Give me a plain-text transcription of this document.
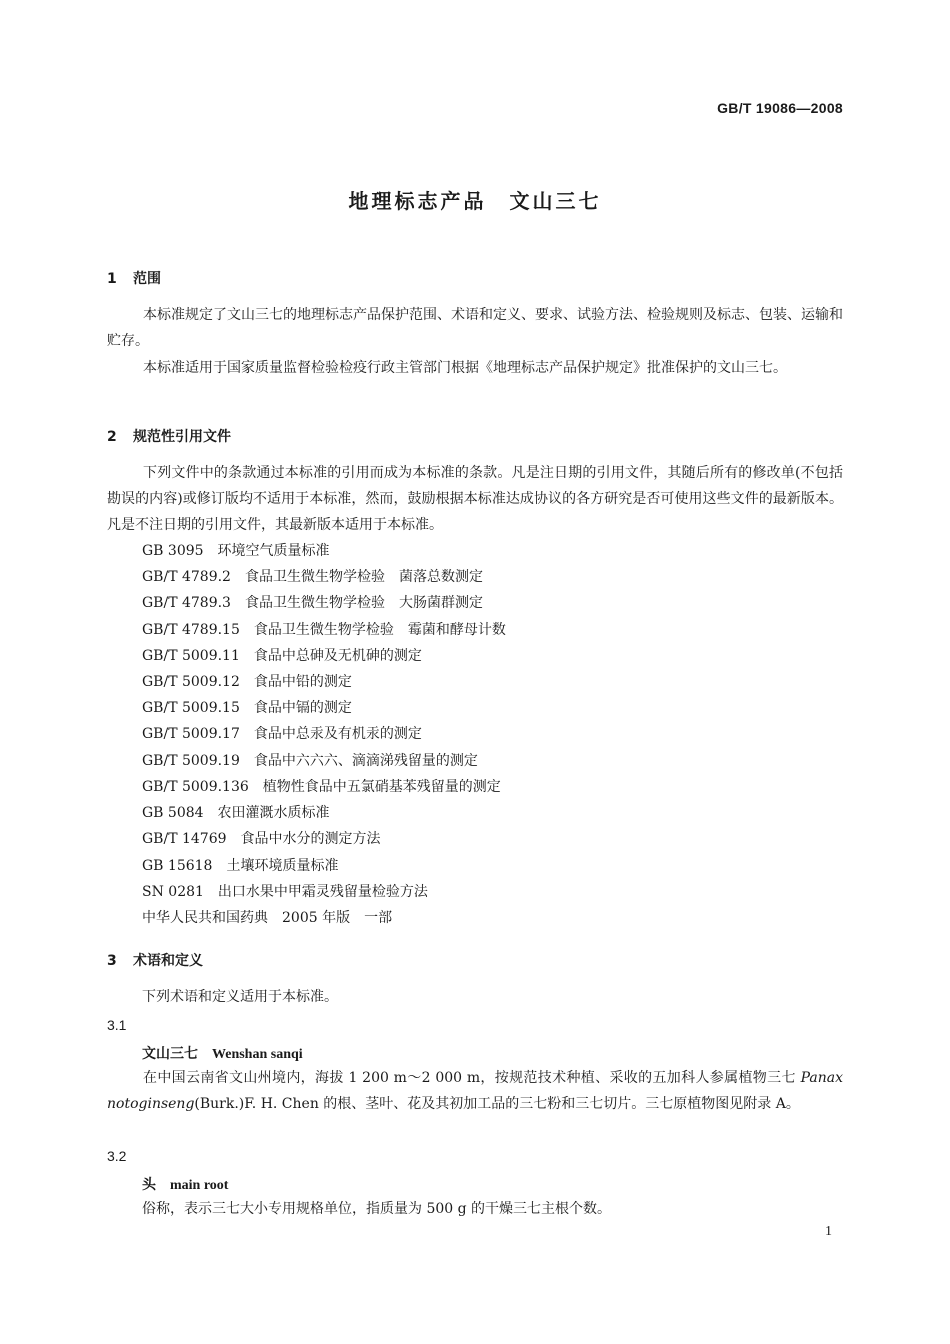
GB/T 19086—2008
地理标志产品　文山三七
1 范围
本标准规定了文山三七的地理标志产品保护范围、术语和定义、要求、试验方法、检验规则及标志、包装、运输和贮存。
本标准适用于国家质量监督检验检疫行政主管部门根据《地理标志产品保护规定》批准保护的文山三七。
2 规范性引用文件
下列文件中的条款通过本标准的引用而成为本标准的条款。凡是注日期的引用文件，其随后所有的修改单(不包括勘误的内容)或修订版均不适用于本标准，然而，鼓励根据本标准达成协议的各方研究是否可使用这些文件的最新版本。凡是不注日期的引用文件，其最新版本适用于本标准。
GB 3095　环境空气质量标准
GB/T 4789.2　食品卫生微生物学检验　菌落总数测定
GB/T 4789.3　食品卫生微生物学检验　大肠菌群测定
GB/T 4789.15　食品卫生微生物学检验　霉菌和酵母计数
GB/T 5009.11　食品中总砷及无机砷的测定
GB/T 5009.12　食品中铅的测定
GB/T 5009.15　食品中镉的测定
GB/T 5009.17　食品中总汞及有机汞的测定
GB/T 5009.19　食品中六六六、滴滴涕残留量的测定
GB/T 5009.136　植物性食品中五氯硝基苯残留量的测定
GB 5084　农田灌溉水质标准
GB/T 14769　食品中水分的测定方法
GB 15618　土壤环境质量标准
SN 0281　出口水果中甲霜灵残留量检验方法
中华人民共和国药典　2005 年版　一部
3 术语和定义
下列术语和定义适用于本标准。
3.1
文山三七 Wenshan sanqi
在中国云南省文山州境内，海拔 1 200 m～2 000 m，按规范技术种植、采收的五加科人参属植物三七 Panax notoginseng(Burk.)F. H. Chen 的根、茎叶、花及其初加工品的三七粉和三七切片。三七原植物图见附录 A。
3.2
头 main root
俗称，表示三七大小专用规格单位，指质量为 500 g 的干燥三七主根个数。
1
